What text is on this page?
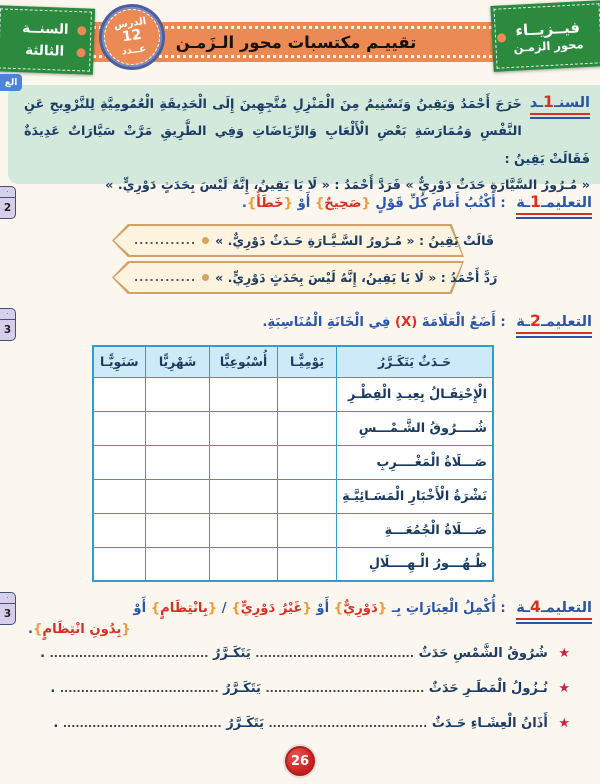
تقييـم مكتسبات محور الـزَمـن
فيــزيــاء
محور الزمـن
الدرس
12
عــدد
السنــة
الثالثة
الع
·
2
·
3
·
3
السنـ1ـد
خَرَجَ أَحْمَدُ وَيَقِينُ وَتَسْنِيمُ مِنَ الْمَنْزِلِ مُتَّجِهِينَ إِلَى الْحَدِيقَةِ الْعُمُومِيَّةِ لِلتَّرْوِيحِ عَنِ النَّفْسِ وَمُمَارَسَةِ بَعْضِ الْأَلْعَابِ وَالرِّيَاضَاتِ وَفِي الطَّرِيقِ مَرَّتْ سَيَّارَاتٌ عَدِيدَةٌ فَقَالَتْ يَقِينُ :
« مُـرُورُ السَّيَّارَةِ حَدَثٌ دَوْرِيٌّ » فَرَدَّ أَحْمَدُ : « لَا يَا يَقِينُ، إِنَّهُ لَيْسَ بِحَدَثٍ دَوْرِيٍّ. »
التعليمـ1ـة : أَكْتُبُ أَمَامَ كُلِّ قَوْلٍ {صَحِيحٌ} أَوْ {خَطَأٌ}.
............ قَالَتْ يَقِينُ : « مُـرُورُ السَّـيَّـارَةِ حَـدَثٌ دَوْرِيٌّ. »
............ رَدَّ أَحْمَدُ : « لَا يَا يَقِينُ، إِنَّهُ لَيْسَ بِحَدَثٍ دَوْرِيٍّ. »
التعليمـ2ـة : أَضَعُ الْعَلَامَةَ (X) فِي الْخَانَةِ الْمُنَاسِبَةِ.
حَـدَثٌ يَتَكَـرَّرُ	يَوْمِيًّـا	أُسْبُوعِيًّا	شَهْرِيًّا	سَنَوِيًّـا
الْإِحْتِفَـالُ بِعِيـدِ الْفِطْـرِ				
شُــــرُوقُ الشَّـمْـــسِ				
صَـــلَاةُ الْمَغْــــرِبِ				
نَشْرَةُ الْأَخْبَارِ الْمَسَـائِيَّـةِ				
صَـــلَاةُ الْجُمُعَـــةِ				
ظُـهُـــورُ الْـهِــــلَالِ				
التعليمـ4ـة : أُكْمِلُ الْعِبَارَاتِ بِـ {دَوْرِيٌّ} أَوْ {غَيْرُ دَوْرِيٍّ} / {بِانْتِظَامٍ} أَوْ
{بِدُونِ انْتِظَامٍ}.
★ شُرُوقُ الشَّمْسِ حَدَثٌ ...................................... يَتَكَـرَّرُ ...................................... .
★ نُـزُولُ الْمَطَـرِ حَدَثٌ ...................................... يَتَكَـرَّرُ ...................................... .
★ أَذَانُ الْعِشَـاءِ حَـدَثٌ ...................................... يَتَكَـرَّرُ ...................................... .
26
